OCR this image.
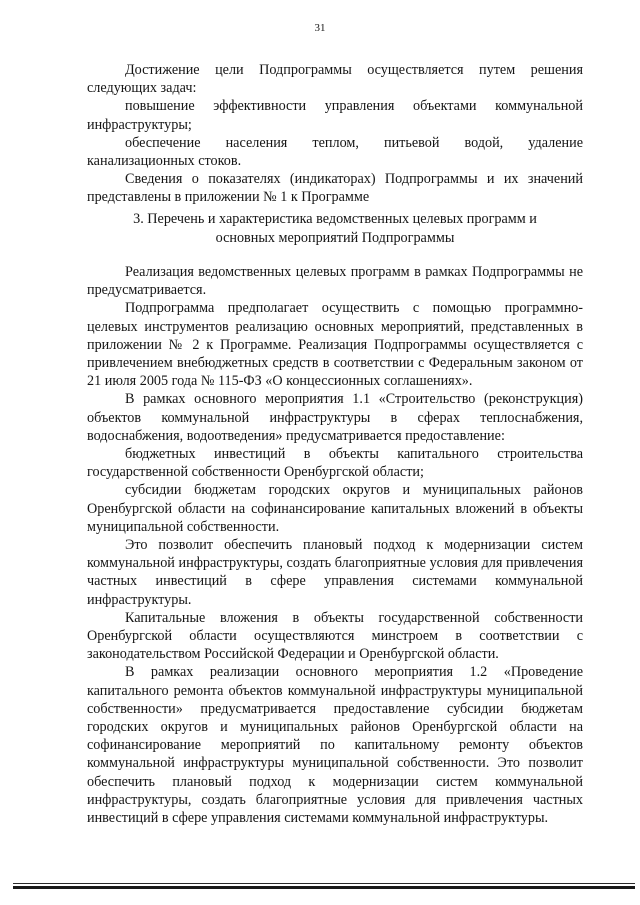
31

Достижение цели Подпрограммы осуществляется путем решения следующих задач:

повышение эффективности управления объектами коммунальной инфраструктуры;

обеспечение населения теплом, питьевой водой, удаление канализационных стоков.

Сведения о показателях (индикаторах) Подпрограммы и их значений представлены в приложении № 1 к Программе

3. Перечень и характеристика ведомственных целевых программ и
основных мероприятий Подпрограммы

Реализация ведомственных целевых программ в рамках Подпрограммы не предусматривается.

Подпрограмма предполагает осуществить с помощью программно-целевых инструментов реализацию основных мероприятий, представленных в приложении № 2 к Программе. Реализация Подпрограммы осуществляется с привлечением внебюджетных средств в соответствии с Федеральным законом от 21 июля 2005 года № 115-ФЗ «О концессионных соглашениях».

В рамках основного мероприятия 1.1 «Строительство (реконструкция) объектов коммунальной инфраструктуры в сферах теплоснабжения, водоснабжения, водоотведения» предусматривается предоставление:

бюджетных инвестиций в объекты капитального строительства государственной собственности Оренбургской области;

субсидии бюджетам городских округов и муниципальных районов Оренбургской области на софинансирование капитальных вложений в объекты муниципальной собственности.

Это позволит обеспечить плановый подход к модернизации систем коммунальной инфраструктуры, создать благоприятные условия для привлечения частных инвестиций в сфере управления системами коммунальной инфраструктуры.

Капитальные вложения в объекты государственной собственности Оренбургской области осуществляются минстроем в соответствии с законодательством Российской Федерации и Оренбургской области.

В рамках реализации основного мероприятия 1.2 «Проведение капитального ремонта объектов коммунальной инфраструктуры муниципальной собственности» предусматривается предоставление субсидии бюджетам городских округов и муниципальных районов Оренбургской области на софинансирование мероприятий по капитальному ремонту объектов коммунальной инфраструктуры муниципальной собственности. Это позволит обеспечить плановый подход к модернизации систем коммунальной инфраструктуры, создать благоприятные условия для привлечения частных инвестиций в сфере управления системами коммунальной инфраструктуры.
